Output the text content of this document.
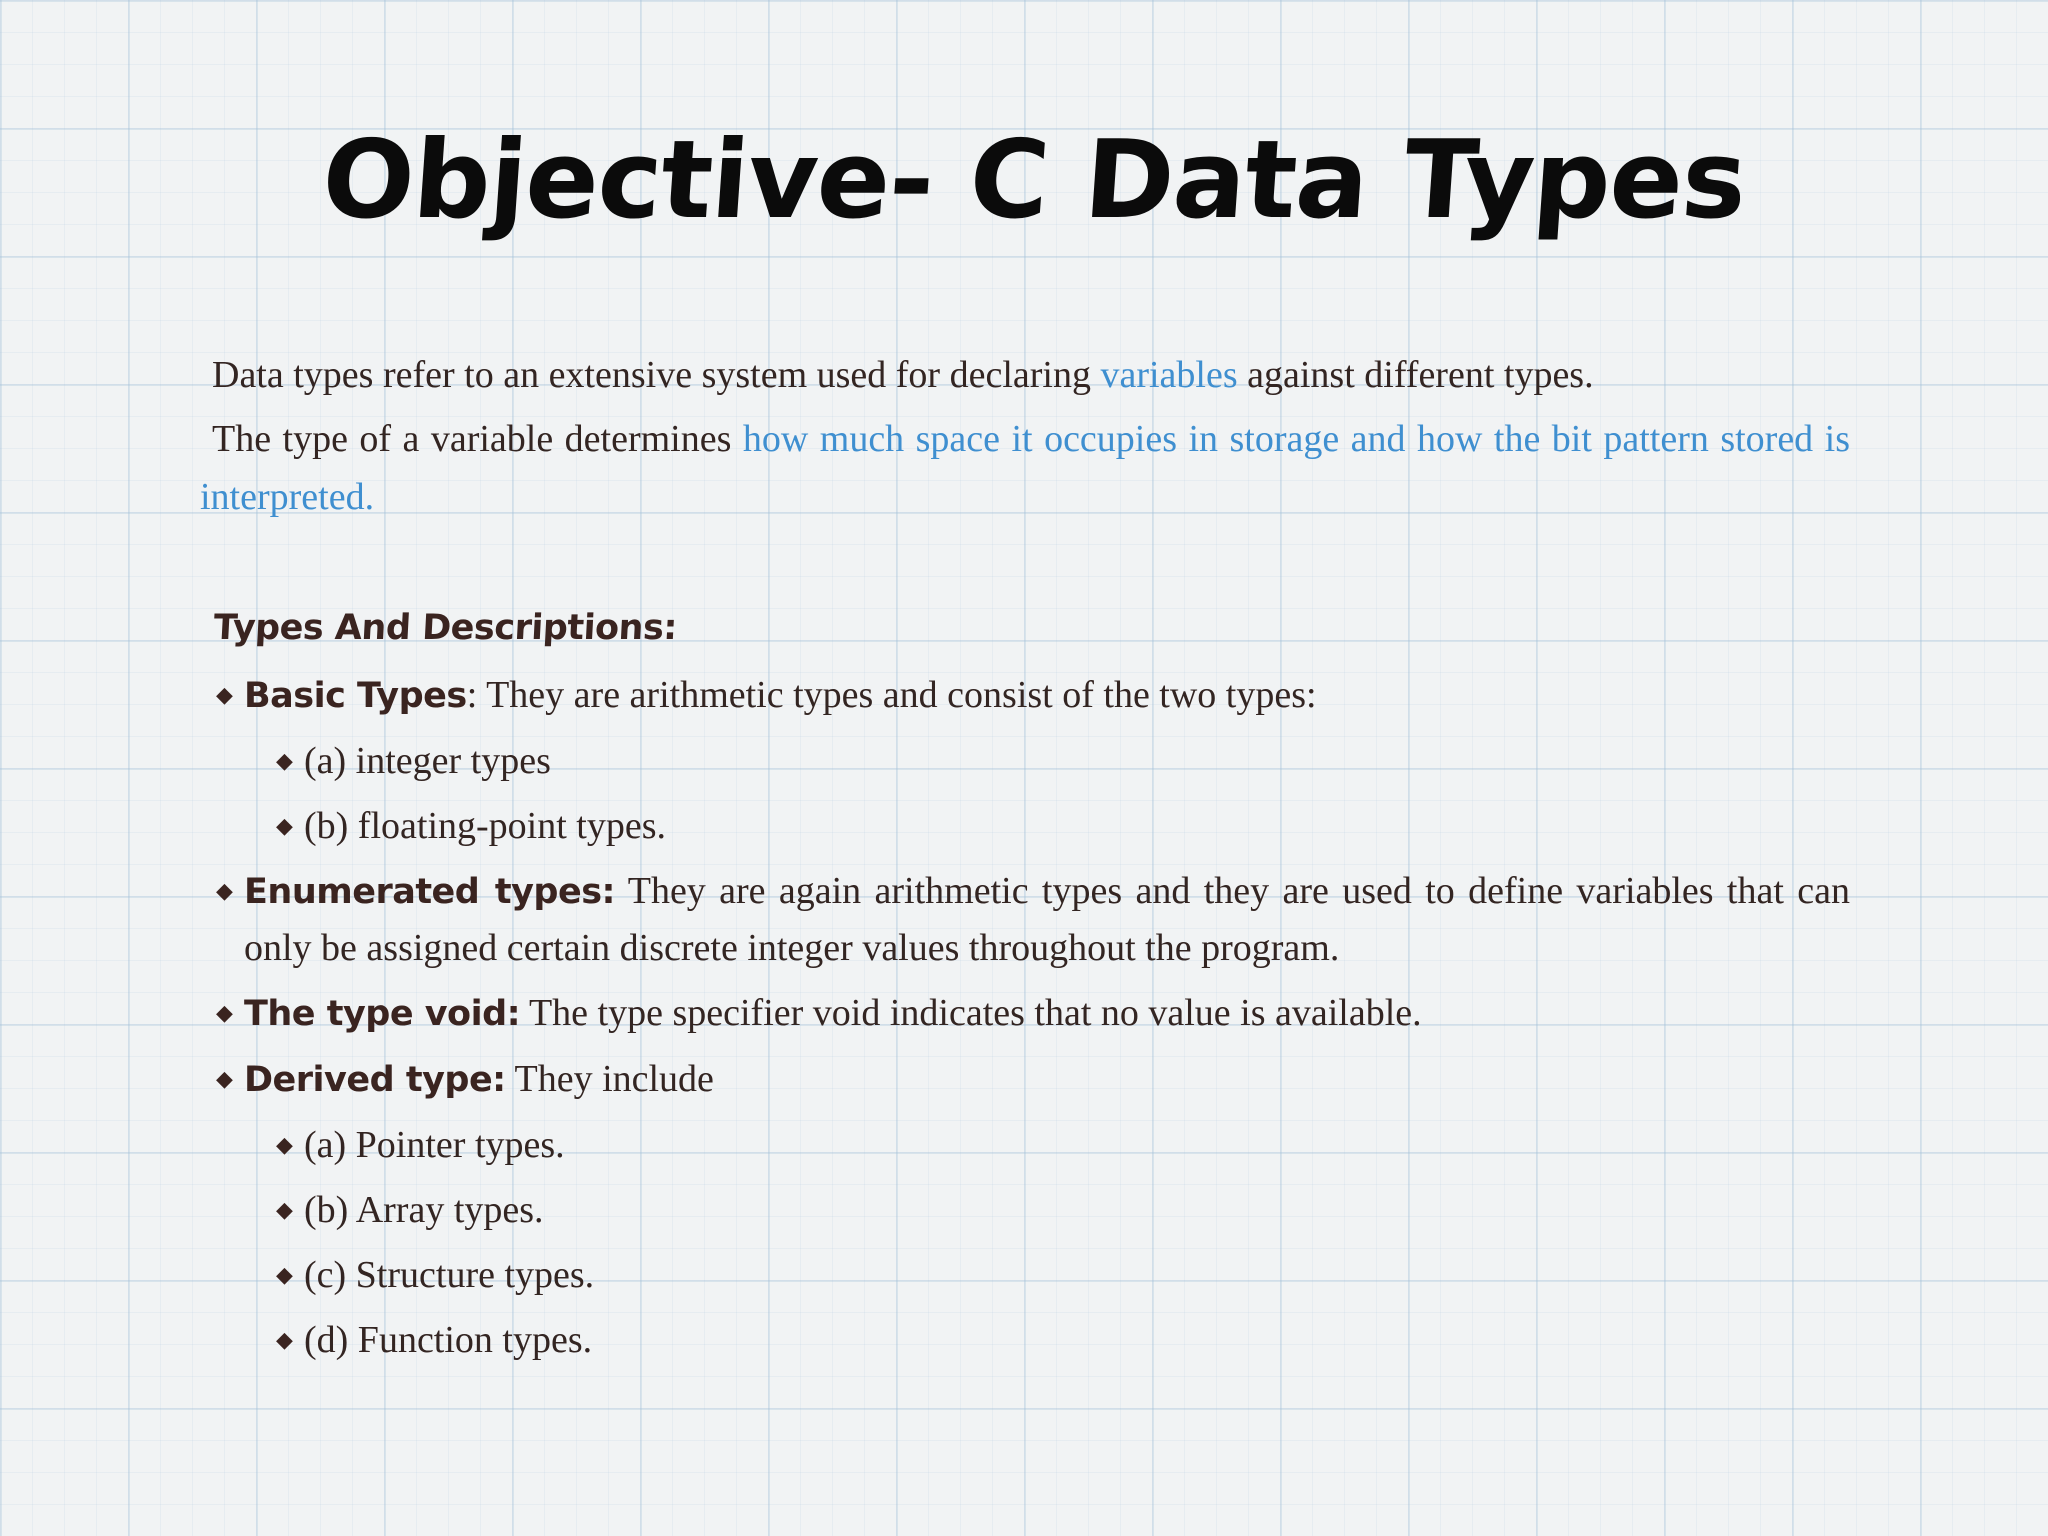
Objective- C Data Types

Data types refer to an extensive system used for declaring variables against different types.

The type of a variable determines how much space it occupies in storage and how the bit pattern stored is interpreted.

Types And Descriptions:
◆ Basic Types: They are arithmetic types and consist of the two types:
◆ (a) integer types
◆ (b) floating-point types.
◆ Enumerated types: They are again arithmetic types and they are used to define variables that can only be assigned certain discrete integer values throughout the program.
◆ The type void: The type specifier void indicates that no value is available.
◆ Derived type: They include
◆ (a) Pointer types.
◆ (b) Array types.
◆ (c) Structure types.
◆ (d) Function types.
